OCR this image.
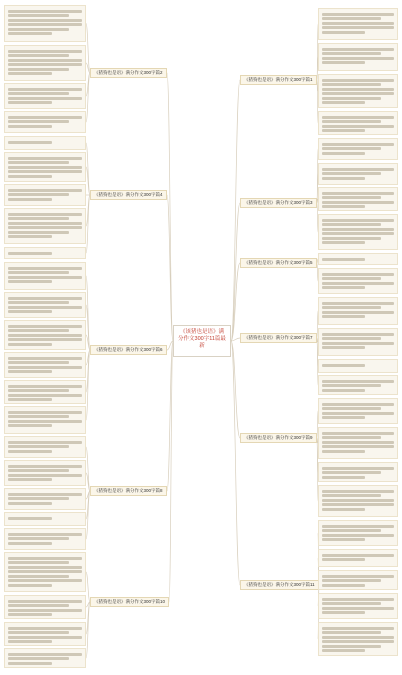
《该猪也是语》满分作文300字11篇最新
《猪狗也是语》满分作文300字篇2
《猪狗也是语》满分作文300字篇4
《猪狗也是语》满分作文300字篇6
《猪狗也是语》满分作文300字篇8
《猪狗也是语》满分作文300字篇10
《猪狗也是语》满分作文300字篇1
《猪狗也是语》满分作文300字篇3
《猪狗也是语》满分作文300字篇5
《猪狗也是语》满分作文300字篇7
《猪狗也是语》满分作文300字篇9
《猪狗也是语》满分作文300字篇11
